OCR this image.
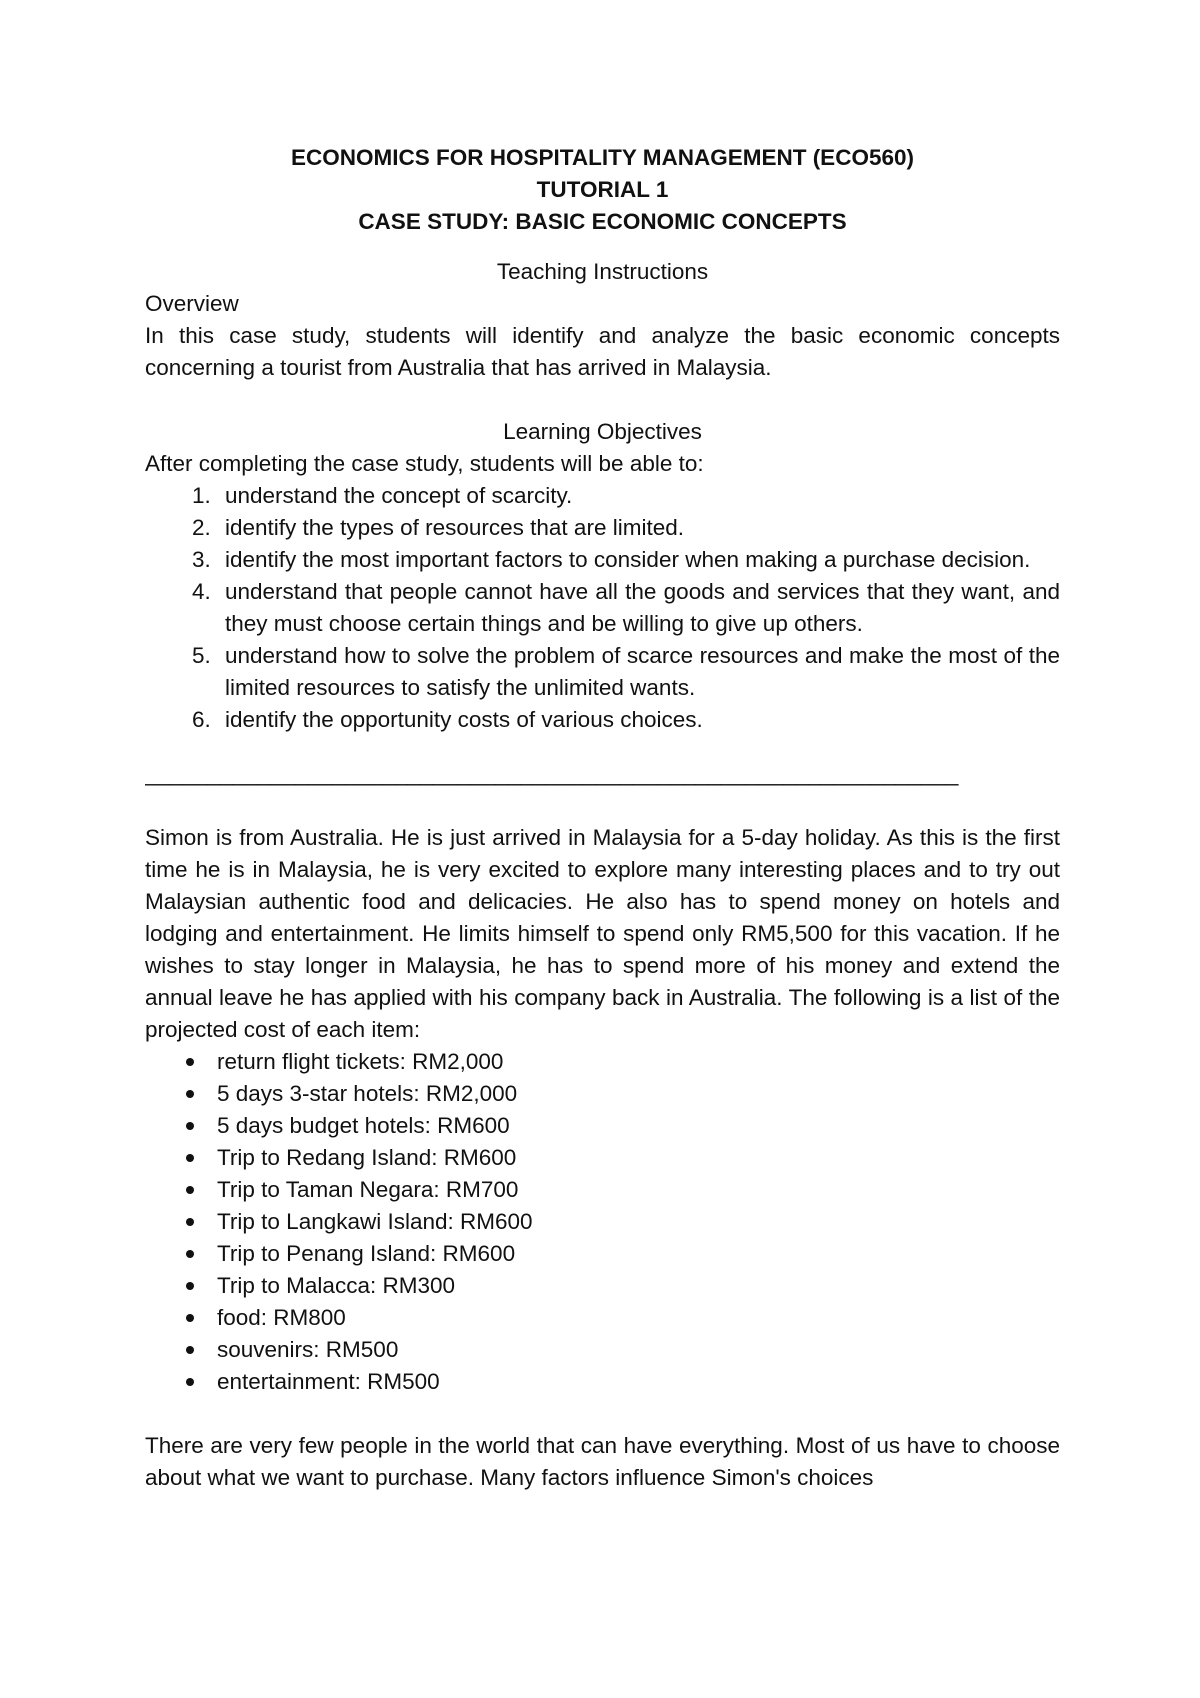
ECONOMICS FOR HOSPITALITY MANAGEMENT (ECO560)

TUTORIAL 1

CASE STUDY: BASIC ECONOMIC CONCEPTS

Teaching Instructions

Overview

In this case study, students will identify and analyze the basic economic concepts concerning a tourist from Australia that has arrived in Malaysia.

Learning Objectives

After completing the case study, students will be able to:

1. understand the concept of scarcity.
2. identify the types of resources that are limited.
3. identify the most important factors to consider when making a purchase decision.
4. understand that people cannot have all the goods and services that they want, and they must choose certain things and be willing to give up others.
5. understand how to solve the problem of scarce resources and make the most of the limited resources to satisfy the unlimited wants.
6. identify the opportunity costs of various choices.
_________________________________________________________________

Simon is from Australia. He is just arrived in Malaysia for a 5-day holiday. As this is the first time he is in Malaysia, he is very excited to explore many interesting places and to try out Malaysian authentic food and delicacies. He also has to spend money on hotels and lodging and entertainment. He limits himself to spend only RM5,500 for this vacation. If he wishes to stay longer in Malaysia, he has to spend more of his money and extend the annual leave he has applied with his company back in Australia. The following is a list of the projected cost of each item:

return flight tickets: RM2,000
5 days 3-star hotels: RM2,000
5 days budget hotels: RM600
Trip to Redang Island: RM600
Trip to Taman Negara: RM700
Trip to Langkawi Island: RM600
Trip to Penang Island: RM600
Trip to Malacca: RM300
food: RM800
souvenirs: RM500
entertainment: RM500

There are very few people in the world that can have everything. Most of us have to choose about what we want to purchase. Many factors influence Simon's choices
